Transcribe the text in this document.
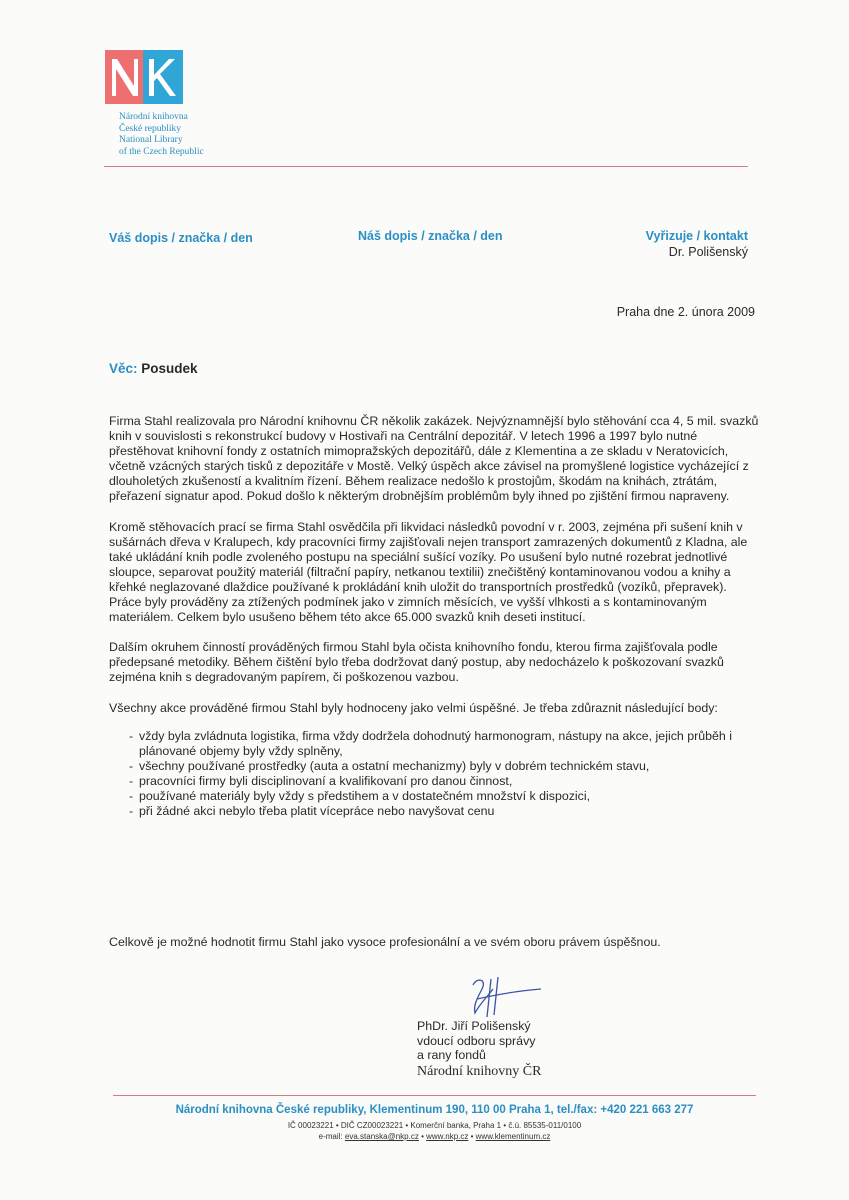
Národní knihovna
České republiky
National Library
of the Czech Republic
Váš dopis / značka / den	Náš dopis / značka / den	Vyřizuje / kontakt
Dr. Polišenský
Praha dne 2. února 2009
Věc: Posudek

Firma Stahl realizovala pro Národní knihovnu ČR několik zakázek. Nejvýznamnější bylo stěhování cca 4, 5 mil. svazků knih v souvislosti s rekonstrukcí budovy v Hostivaři na Centrální depozitář. V letech 1996 a 1997 bylo nutné přestěhovat knihovní fondy z ostatních mimopražských depozitářů, dále z Klementina a ze skladu v Neratovicích, včetně vzácných starých tisků z depozitáře v Mostě. Velký úspěch akce závisel na promyšlené logistice vycházející z dlouholetých zkušeností a kvalitním řízení. Během realizace nedošlo k prostojům, škodám na knihách, ztrátám, přeřazení signatur apod. Pokud došlo k některým drobnějším problémům byly ihned po zjištění firmou napraveny.

Kromě stěhovacích prací se firma Stahl osvědčila při likvidaci následků povodní v r. 2003, zejména při sušení knih v sušárnách dřeva v Kralupech, kdy pracovníci firmy zajišťovali nejen transport zamrazených dokumentů z Kladna, ale také ukládání knih podle zvoleného postupu na speciální sušící vozíky. Po usušení bylo nutné rozebrat jednotlivé sloupce, separovat použitý materiál (filtrační papíry, netkanou textilii) znečištěný kontaminovanou vodou a knihy a křehké neglazované dlaždice používané k prokládání knih uložit do transportních prostředků (vozíků, přepravek). Práce byly prováděny za ztížených podmínek jako v zimních měsících, ve vyšší vlhkosti a s kontaminovaným materiálem. Celkem bylo usušeno během této akce 65.000 svazků knih deseti institucí.

Dalším okruhem činností prováděných firmou Stahl byla očista knihovního fondu, kterou firma zajišťovala podle předepsané metodiky. Během čištění bylo třeba dodržovat daný postup, aby nedocházelo k poškozovaní svazků zejména knih s degradovaným papírem, či poškozenou vazbou.

Všechny akce prováděné firmou Stahl byly hodnoceny jako velmi úspěšné. Je třeba zdůraznit následující body:

- vždy byla zvládnuta logistika, firma vždy dodržela dohodnutý harmonogram, nástupy na akce, jejich průběh i plánované objemy byly vždy splněny,
- všechny používané prostředky (auta a ostatní mechanizmy) byly v dobrém technickém stavu,
- pracovníci firmy byli disciplinovaní a kvalifikovaní pro danou činnost,
- používané materiály byly vždy s předstihem a v dostatečném množství k dispozici,
- při žádné akci nebylo třeba platit vícepráce nebo navyšovat cenu
Celkově je možné hodnotit firmu Stahl jako vysoce profesionální a ve svém oboru právem úspěšnou.
PhDr. Jiří Polišenský
vdoucí odboru správy
a rany fondů
Národní knihovny ČR
Národní knihovna České republiky, Klementinum 190, 110 00 Praha 1, tel./fax: +420 221 663 277
IČ 00023221 • DIČ CZ00023221 • Komerční banka, Praha 1 • č.ú. 85535-011/0100
e-mail: eva.stanska@nkp.cz • www.nkp.cz • www.klementinum.cz
